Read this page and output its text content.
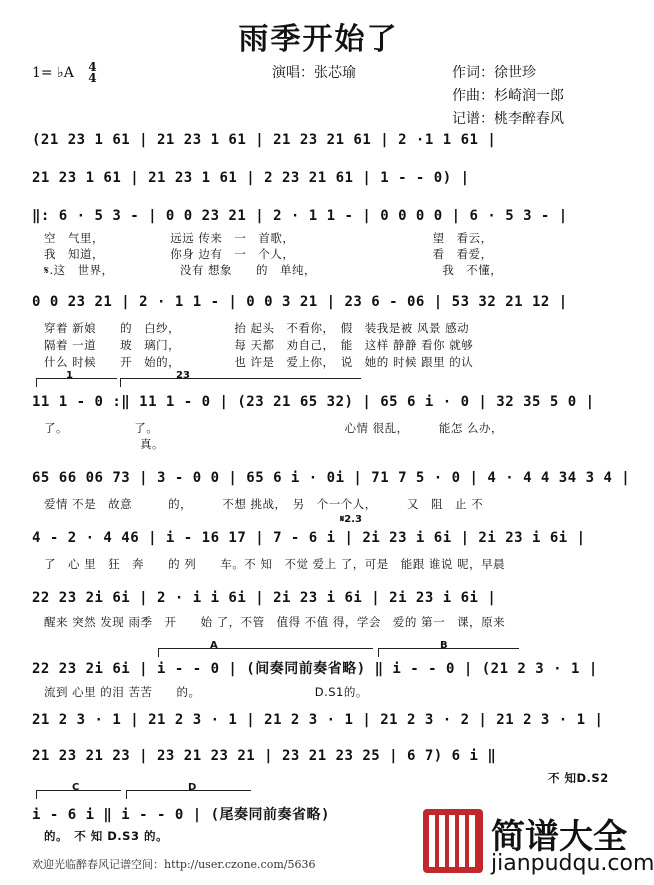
雨季开始了
1= ♭A 4
4	演唱：张芯瑜	作词：徐世珍
作曲：杉崎润一郎
记谱：桃李醉春风
(21 23 1 61 | 21 23 1 61 | 21 23 21 61 | 2 ·1 1 61 |
21 23 1 61 | 21 23 1 61 | 2 23 21 61 | 1 - - 0) |
‖: 6 · 5 3 - | 0 0 23 21 | 2 · 1 1 - | 0 0 0 0 | 6 · 5 3 - |
空　气里，　　　　　　远远 传来　一　首歌，　　　　　　　　　　　　望　看云，
我　知道，　　　　　　你身 边有　一　个人，　　　　　　　　　　　　看　看爱，
𝄋.这　世界，　　　　　　没有 想象　　的　单纯，　　　　　　　　　　　我　不懂，
0 0 23 21 | 2 · 1 1 - | 0 0 3 21 | 23 6 - 06 | 53 32 21 12 |
穿着 新娘　　的　白纱，　　　　　抬 起头　不看你，　假　装我是被 风景 感动
隔着 一道　　玻　璃门，　　　　　每 天都　劝自己，　能　这样 静静 看你 就够
什么 时候　　开　始的，　　　　　也 许是　爱上你，　说　她的 时候 跟里 的认
1	23
11 1 - 0 :‖ 11 1 - 0 | (23 21 65 32) | 65 6 i · 0 | 32 35 5 0 |
了。　　　　　　了。　　　　　　　　　　　　　　　　心情 很乱，　　　能怎 么办，
　　　　　　　　真。
65 66 06 73 | 3 - 0 0 | 65 6 i · 0i | 71 7 5 · 0 | 4 · 4 4 34 3 4 |
爱情 不是　故意　　　的，　　　不想 挑战，　另　个一个人，　　　又　阻　止 不
𝄋2.3
4 - 2 · 4 46 | i - 16 17 | 7 - 6 i | 2i 23 i 6i | 2i 23 i 6i |
了　心 里　狂　奔　　的 列　　车。不 知　不觉 爱上 了，可是　能跟 谁说 呢，早晨
22 23 2i 6i | 2 · i i 6i | 2i 23 i 6i | 2i 23 i 6i |
醒来 突然 发现 雨季　开　　始 了，不管　值得 不值 得，学会　爱的 第一　课，原来
A	B
22 23 2i 6i | i - - 0 | (间奏同前奏省略) ‖ i - - 0 | (21 2 3 · 1 |
流到 心里 的泪 苦苦　　的。　　　　　　　　　　D.S1的。
21 2 3 · 1 | 21 2 3 · 1 | 21 2 3 · 1 | 21 2 3 · 2 | 21 2 3 · 1 |
21 23 21 23 | 23 21 23 21 | 23 21 23 25 | 6 7) 6 i ‖
不 知D.S2
C	D
i - 6 i ‖ i - - 0 | (尾奏同前奏省略)
的。　不 知 D.S3 的。
欢迎光临醉春风记谱空间：http://user.czone.com/5636
简谱大全
jianpudqu.com
